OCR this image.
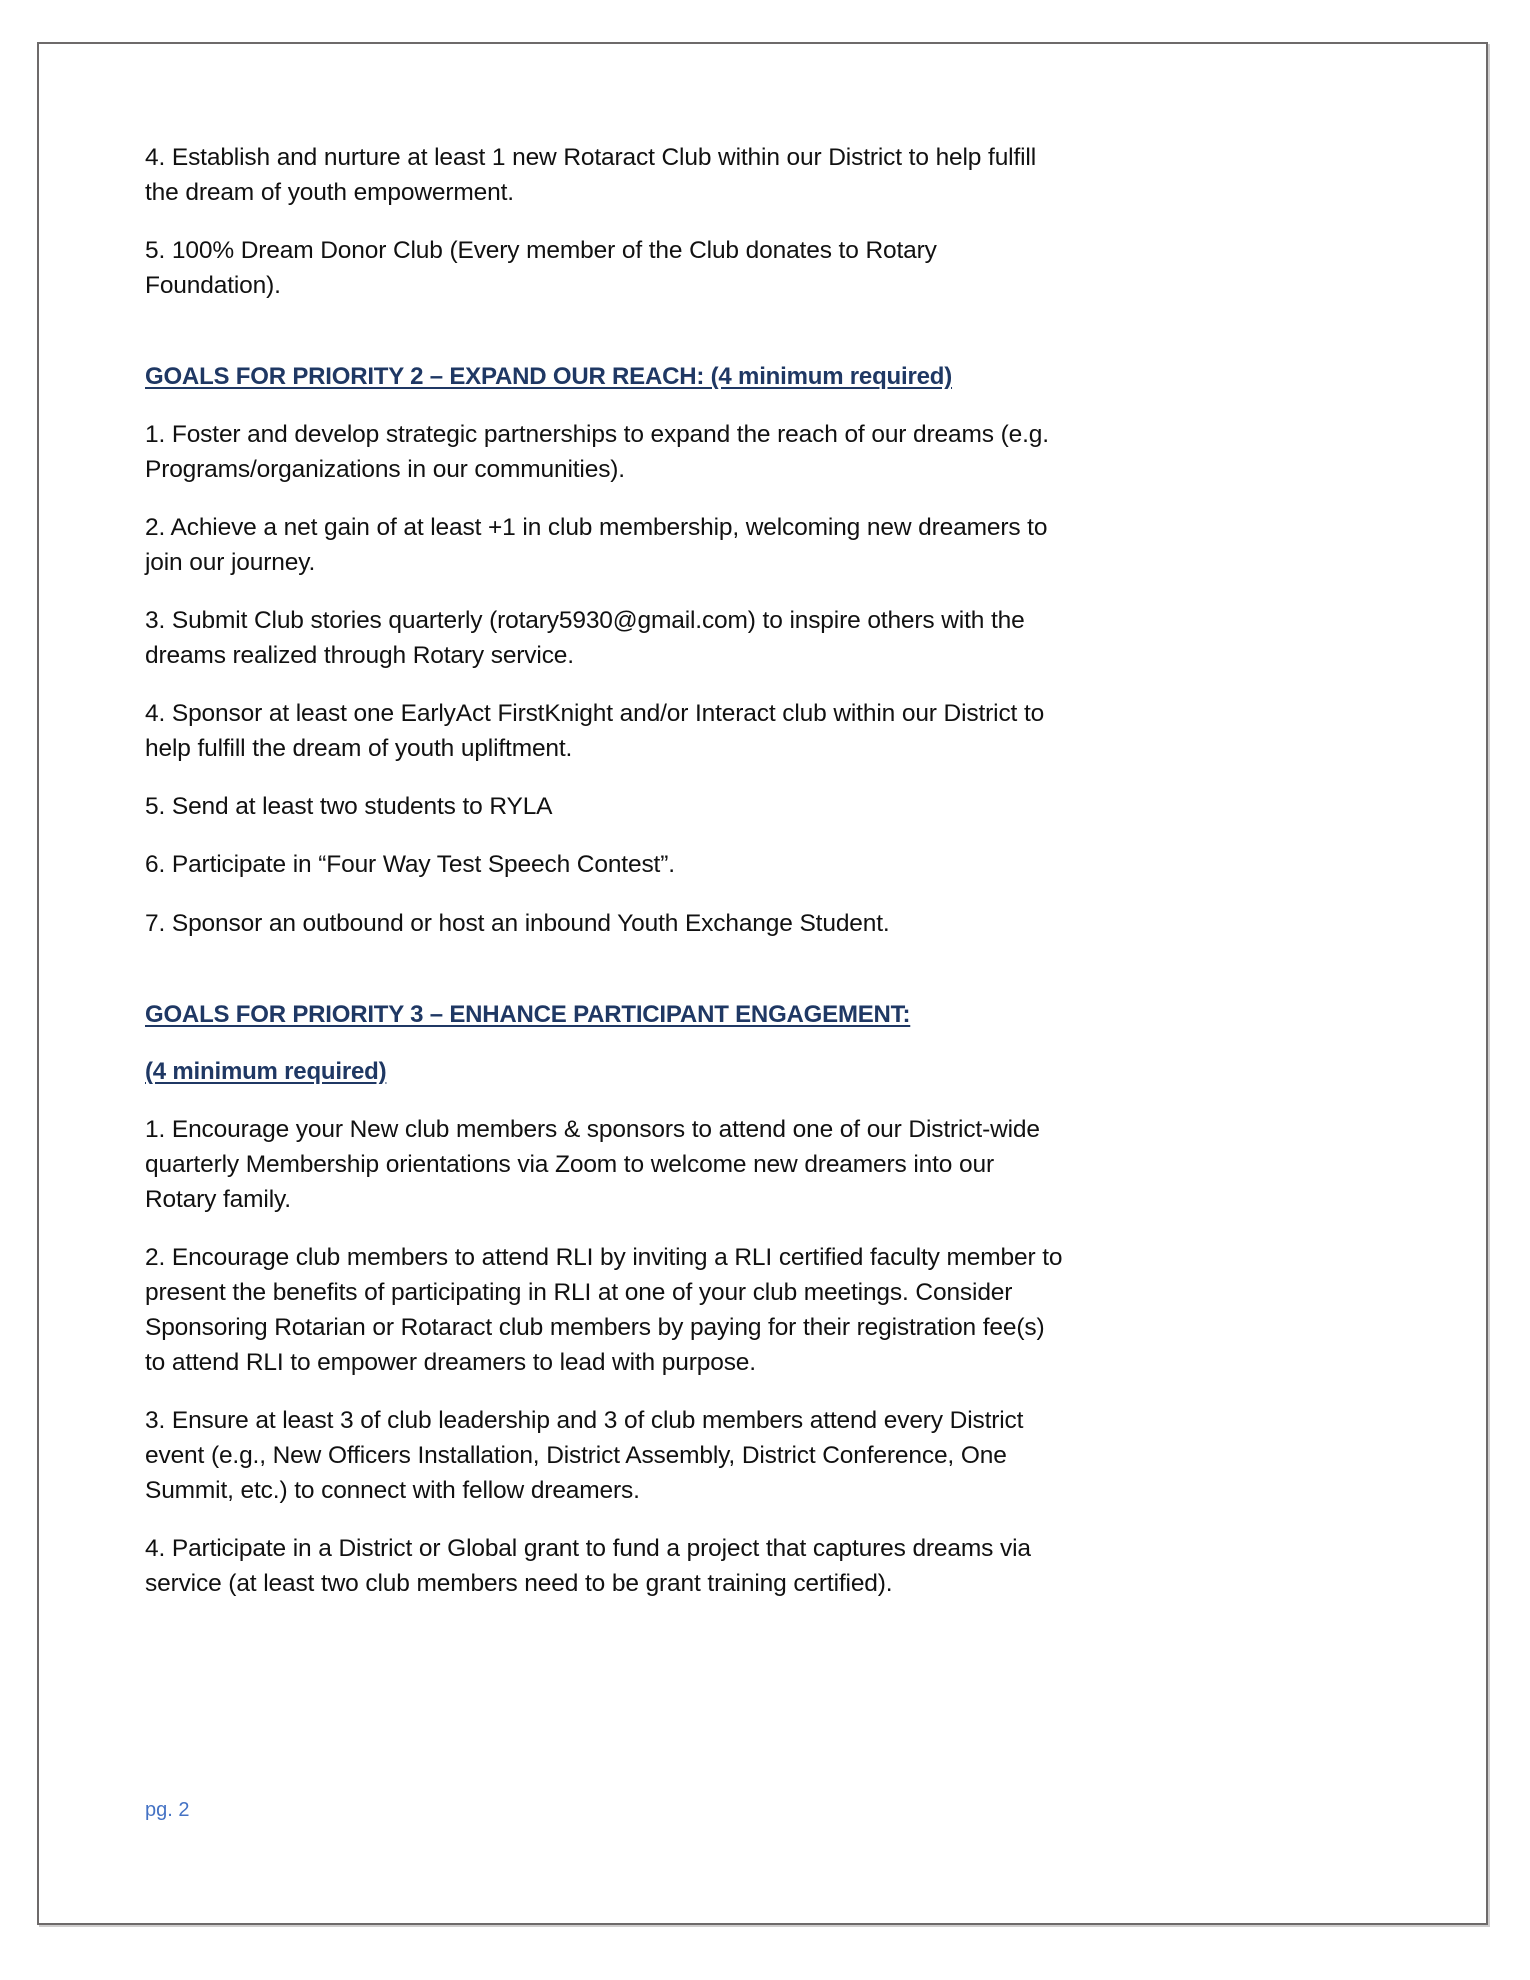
4. Establish and nurture at least 1 new Rotaract Club within our District to help fulfill the dream of youth empowerment.

5. 100% Dream Donor Club (Every member of the Club donates to Rotary Foundation).

GOALS FOR PRIORITY 2 – EXPAND OUR REACH: (4 minimum required)

1. Foster and develop strategic partnerships to expand the reach of our dreams (e.g. Programs/organizations in our communities).

2. Achieve a net gain of at least +1 in club membership, welcoming new dreamers to join our journey.

3. Submit Club stories quarterly (rotary5930@gmail.com) to inspire others with the dreams realized through Rotary service.

4. Sponsor at least one EarlyAct FirstKnight and/or Interact club within our District to help fulfill the dream of youth upliftment.

5. Send at least two students to RYLA

6. Participate in “Four Way Test Speech Contest”.

7. Sponsor an outbound or host an inbound Youth Exchange Student.

GOALS FOR PRIORITY 3 – ENHANCE PARTICIPANT ENGAGEMENT:
(4 minimum required)

1. Encourage your New club members & sponsors to attend one of our District-wide quarterly Membership orientations via Zoom to welcome new dreamers into our Rotary family.

2. Encourage club members to attend RLI by inviting a RLI certified faculty member to present the benefits of participating in RLI at one of your club meetings. Consider Sponsoring Rotarian or Rotaract club members by paying for their registration fee(s) to attend RLI to empower dreamers to lead with purpose.

3. Ensure at least 3 of club leadership and 3 of club members attend every District event (e.g., New Officers Installation, District Assembly, District Conference, One Summit, etc.) to connect with fellow dreamers.

4. Participate in a District or Global grant to fund a project that captures dreams via service (at least two club members need to be grant training certified).

pg. 2
